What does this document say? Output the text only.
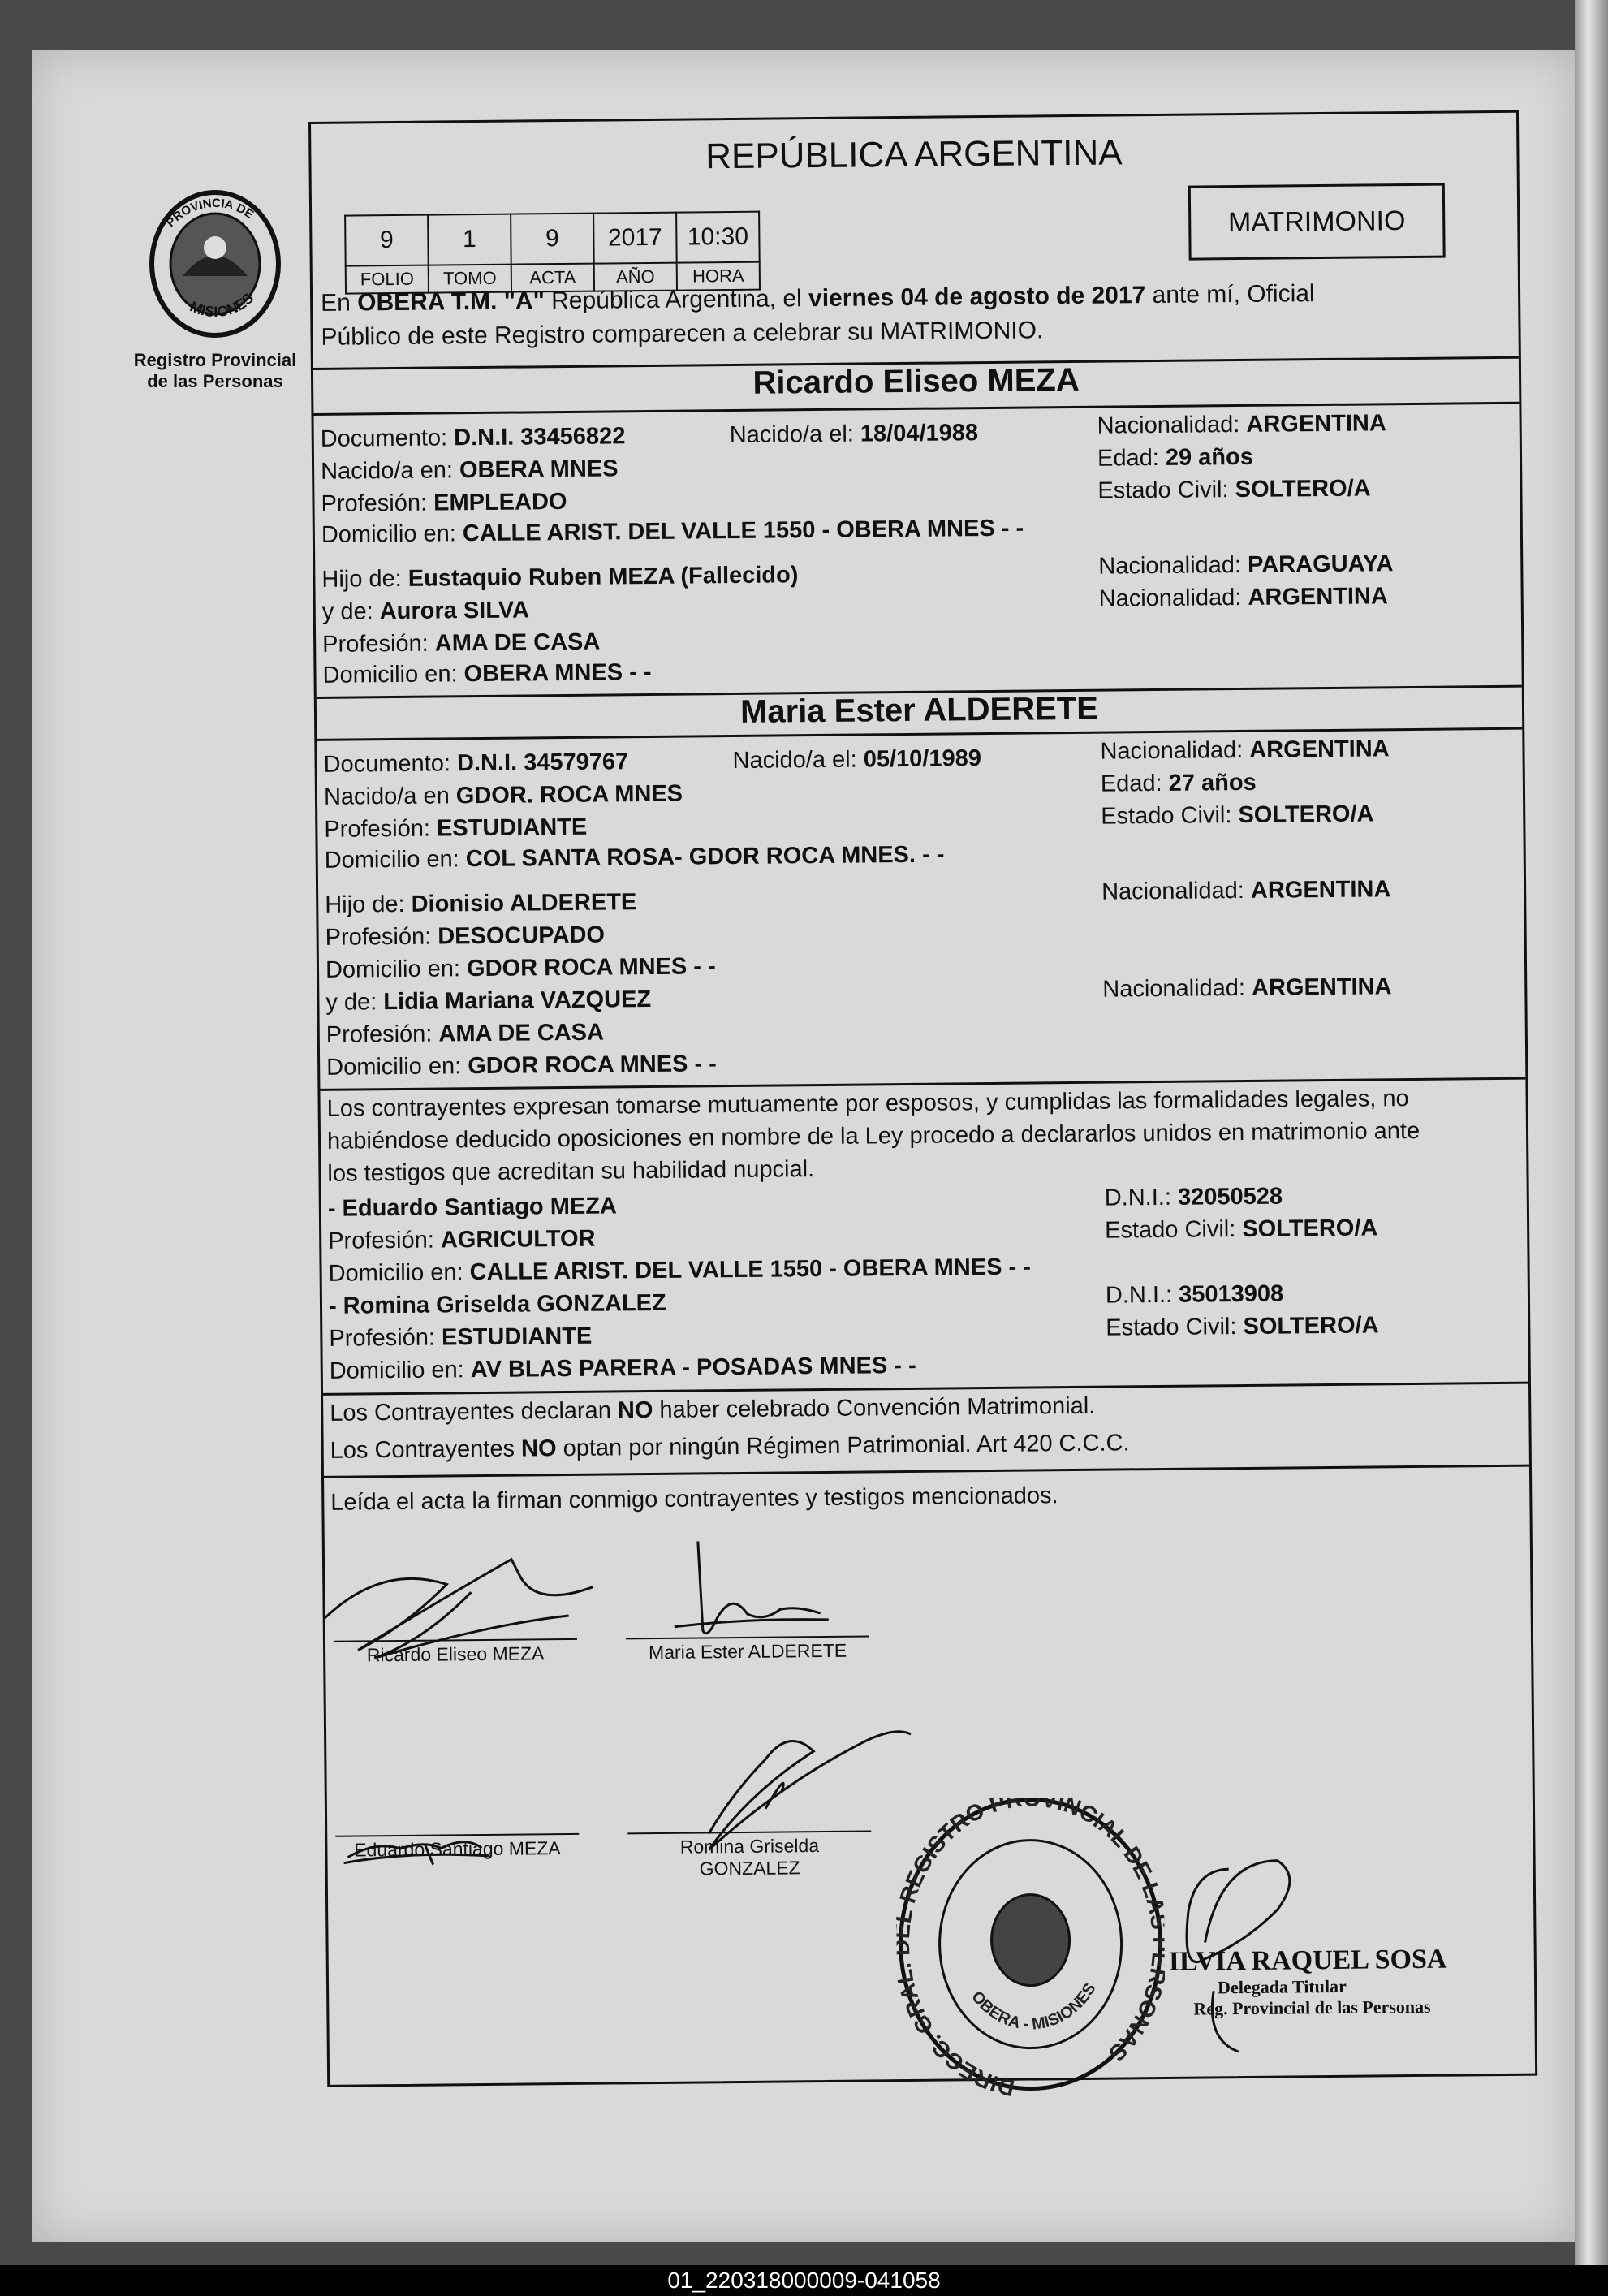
PROVINCIA DE
MISIONES
Registro Provincial
de las Personas
REPÚBLICA ARGENTINA
MATRIMONIO
9	1	9	2017	10:30
FOLIO	TOMO	ACTA	AÑO	HORA
En OBERA T.M. "A" República Argentina, el viernes 04 de agosto de 2017 ante mí, Oficial
Público de este Registro comparecen a celebrar su MATRIMONIO.
Ricardo Eliseo MEZA
Documento: D.N.I. 33456822	Nacido/a el: 18/04/1988	Nacionalidad: ARGENTINA
Nacido/a en: OBERA MNES	Edad: 29 años
Profesión: EMPLEADO	Estado Civil: SOLTERO/A
Domicilio en: CALLE ARIST. DEL VALLE 1550 - OBERA MNES - -
Hijo de: Eustaquio Ruben MEZA (Fallecido)	Nacionalidad: PARAGUAYA
y de: Aurora SILVA	Nacionalidad: ARGENTINA
Profesión: AMA DE CASA
Domicilio en: OBERA MNES - -
Maria Ester ALDERETE
Documento: D.N.I. 34579767	Nacido/a el: 05/10/1989	Nacionalidad: ARGENTINA
Nacido/a en GDOR. ROCA MNES	Edad: 27 años
Profesión: ESTUDIANTE	Estado Civil: SOLTERO/A
Domicilio en: COL SANTA ROSA- GDOR ROCA MNES. - -
Hijo de: Dionisio ALDERETE	Nacionalidad: ARGENTINA
Profesión: DESOCUPADO
Domicilio en: GDOR ROCA MNES - -
y de: Lidia Mariana VAZQUEZ	Nacionalidad: ARGENTINA
Profesión: AMA DE CASA
Domicilio en: GDOR ROCA MNES - -
Los contrayentes expresan tomarse mutuamente por esposos, y cumplidas las formalidades legales, no
habiéndose deducido oposiciones en nombre de la Ley procedo a declararlos unidos en matrimonio ante
los testigos que acreditan su habilidad nupcial.
- Eduardo Santiago MEZA	D.N.I.: 32050528
Profesión: AGRICULTOR	Estado Civil: SOLTERO/A
Domicilio en: CALLE ARIST. DEL VALLE 1550 - OBERA MNES - -
- Romina Griselda GONZALEZ	D.N.I.: 35013908
Profesión: ESTUDIANTE	Estado Civil: SOLTERO/A
Domicilio en: AV BLAS PARERA - POSADAS MNES - -
Los Contrayentes declaran NO haber celebrado Convención Matrimonial.
Los Contrayentes NO optan por ningún Régimen Patrimonial. Art 420 C.C.C.
Leída el acta la firman conmigo contrayentes y testigos mencionados.
Ricardo Eliseo MEZA	Maria Ester ALDERETE
Eduardo Santiago MEZA	Romina Griselda
GONZALEZ
DIRECC. GRAL. DEL REGISTRO PROVINCIAL DE LAS PERSONAS
OBERA - MISIONES
ILVIA RAQUEL SOSA
Delegada Titular
Reg. Provincial de las Personas
01_220318000009-041058
